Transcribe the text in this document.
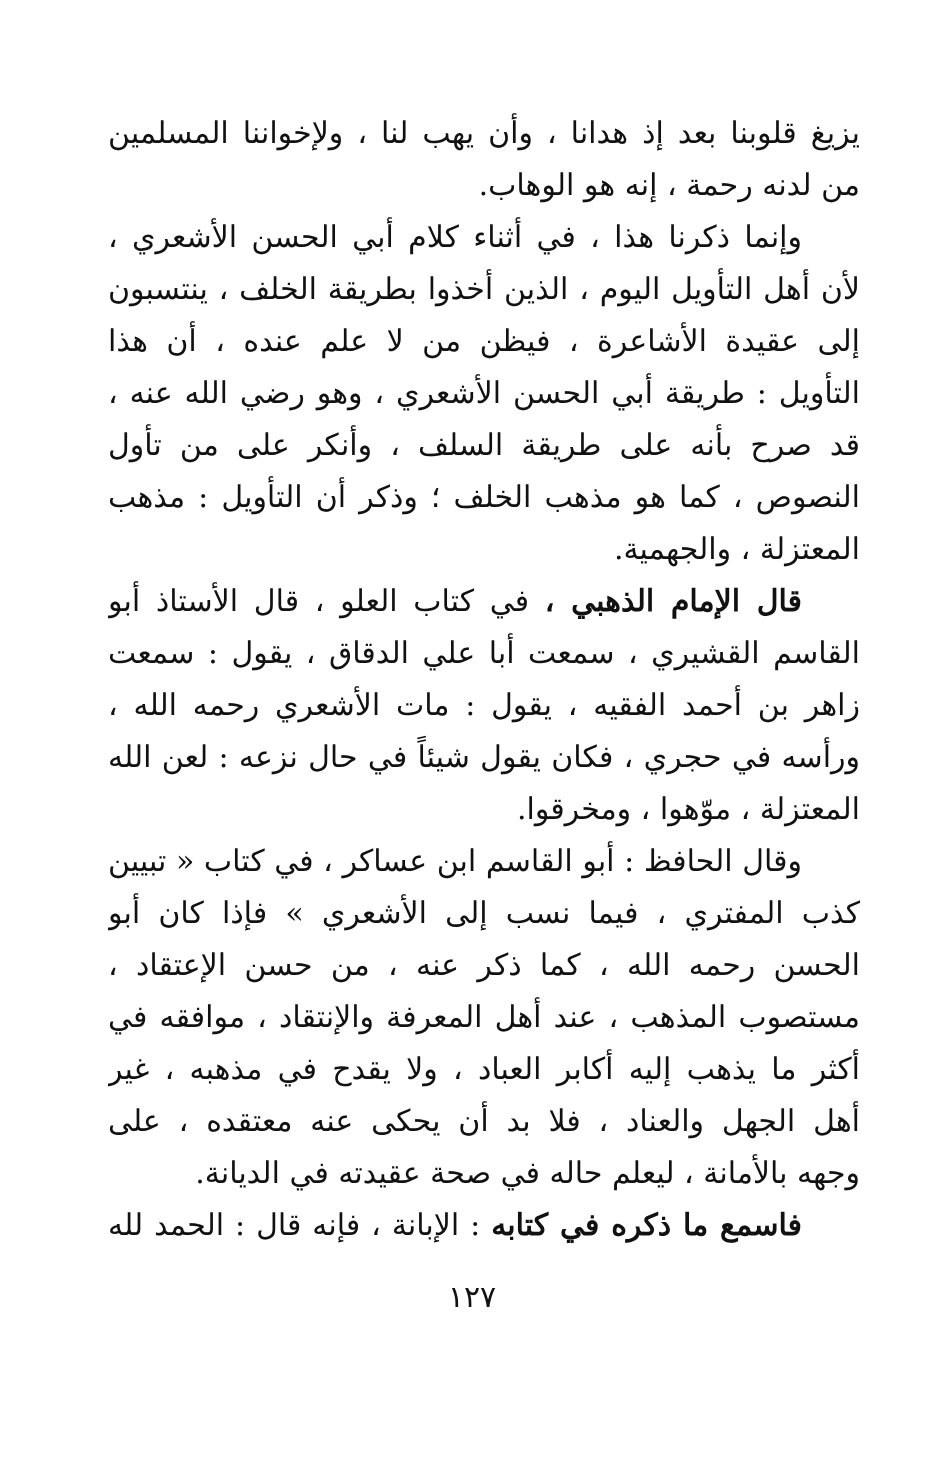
يزيغ قلوبنا بعد إذ هدانا ، وأن يهب لنا ، ولإخواننا المسلمين
من لدنه رحمة ، إنه هو الوهاب.
وإنما ذكرنا هذا ، في أثناء كلام أبي الحسن الأشعري ،
لأن أهل التأويل اليوم ، الذين أخذوا بطريقة الخلف ، ينتسبون
إلى عقيدة الأشاعرة ، فيظن من لا علم عنده ، أن هذا
التأويل : طريقة أبي الحسن الأشعري ، وهو رضي الله عنه ،
قد صرح بأنه على طريقة السلف ، وأنكر على من تأول
النصوص ، كما هو مذهب الخلف ؛ وذكر أن التأويل : مذهب
المعتزلة ، والجهمية.
قال الإمام الذهبي ، في كتاب العلو ، قال الأستاذ أبو
القاسم القشيري ، سمعت أبا علي الدقاق ، يقول : سمعت
زاهر بن أحمد الفقيه ، يقول : مات الأشعري رحمه الله ،
ورأسه في حجري ، فكان يقول شيئاً في حال نزعه : لعن الله
المعتزلة ، موّهوا ، ومخرقوا.
وقال الحافظ : أبو القاسم ابن عساكر ، في كتاب « تبيين
كذب المفتري ، فيما نسب إلى الأشعري » فإذا كان أبو
الحسن رحمه الله ، كما ذكر عنه ، من حسن الإعتقاد ،
مستصوب المذهب ، عند أهل المعرفة والإنتقاد ، موافقه في
أكثر ما يذهب إليه أكابر العباد ، ولا يقدح في مذهبه ، غير
أهل الجهل والعناد ، فلا بد أن يحكى عنه معتقده ، على
وجهه بالأمانة ، ليعلم حاله في صحة عقيدته في الديانة.
فاسمع ما ذكره في كتابه : الإبانة ، فإنه قال : الحمد لله
١٢٧
